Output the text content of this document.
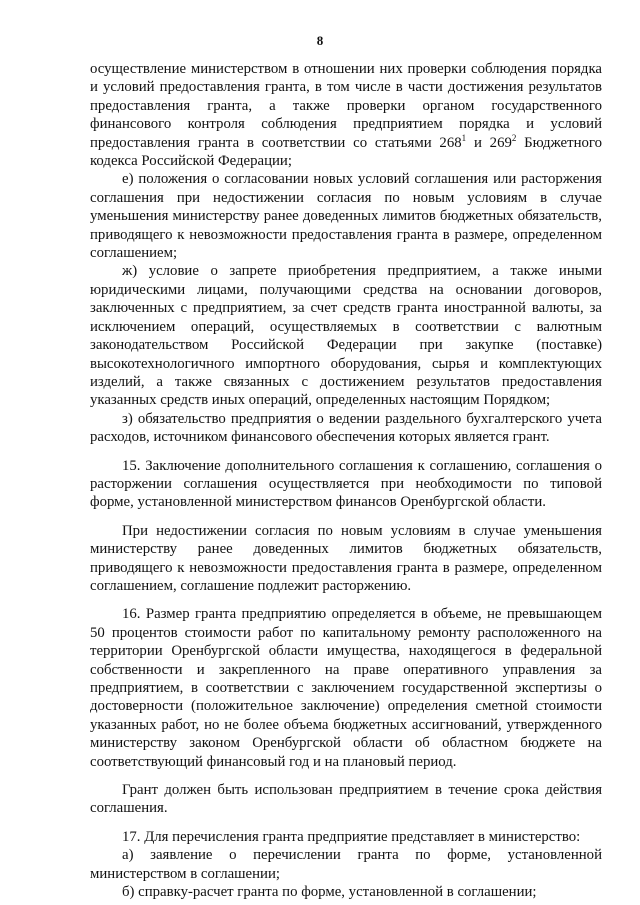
8

осуществление министерством в отношении них проверки соблюдения порядка и условий предоставления гранта, в том числе в части достижения результатов предоставления гранта, а также проверки органом государственного финансового контроля соблюдения предприятием порядка и условий предоставления гранта в соответствии со статьями $268^1$ и $269^2$ Бюджетного кодекса Российской Федерации;

е) положения о согласовании новых условий соглашения или расторжения соглашения при недостижении согласия по новым условиям в случае уменьшения министерству ранее доведенных лимитов бюджетных обязательств, приводящего к невозможности предоставления гранта в размере, определенном соглашением;

ж) условие о запрете приобретения предприятием, а также иными юридическими лицами, получающими средства на основании договоров, заключенных с предприятием, за счет средств гранта иностранной валюты, за исключением операций, осуществляемых в соответствии с валютным законодательством Российской Федерации при закупке (поставке) высокотехнологичного импортного оборудования, сырья и комплектующих изделий, а также связанных с достижением результатов предоставления указанных средств иных операций, определенных настоящим Порядком;

з) обязательство предприятия о ведении раздельного бухгалтерского учета расходов, источником финансового обеспечения которых является грант.

15. Заключение дополнительного соглашения к соглашению, соглашения о расторжении соглашения осуществляется при необходимости по типовой форме, установленной министерством финансов Оренбургской области.

При недостижении согласия по новым условиям в случае уменьшения министерству ранее доведенных лимитов бюджетных обязательств, приводящего к невозможности предоставления гранта в размере, определенном соглашением, соглашение подлежит расторжению.

16. Размер гранта предприятию определяется в объеме, не превышающем 50 процентов стоимости работ по капитальному ремонту расположенного на территории Оренбургской области имущества, находящегося в федеральной собственности и закрепленного на праве оперативного управления за предприятием, в соответствии с заключением государственной экспертизы о достоверности (положительное заключение) определения сметной стоимости указанных работ, но не более объема бюджетных ассигнований, утвержденного министерству законом Оренбургской области об областном бюджете на соответствующий финансовый год и на плановый период.

Грант должен быть использован предприятием в течение срока действия соглашения.

17. Для перечисления гранта предприятие представляет в министерство:

а) заявление о перечислении гранта по форме, установленной министерством в соглашении;

б) справку-расчет гранта по форме, установленной в соглашении;
